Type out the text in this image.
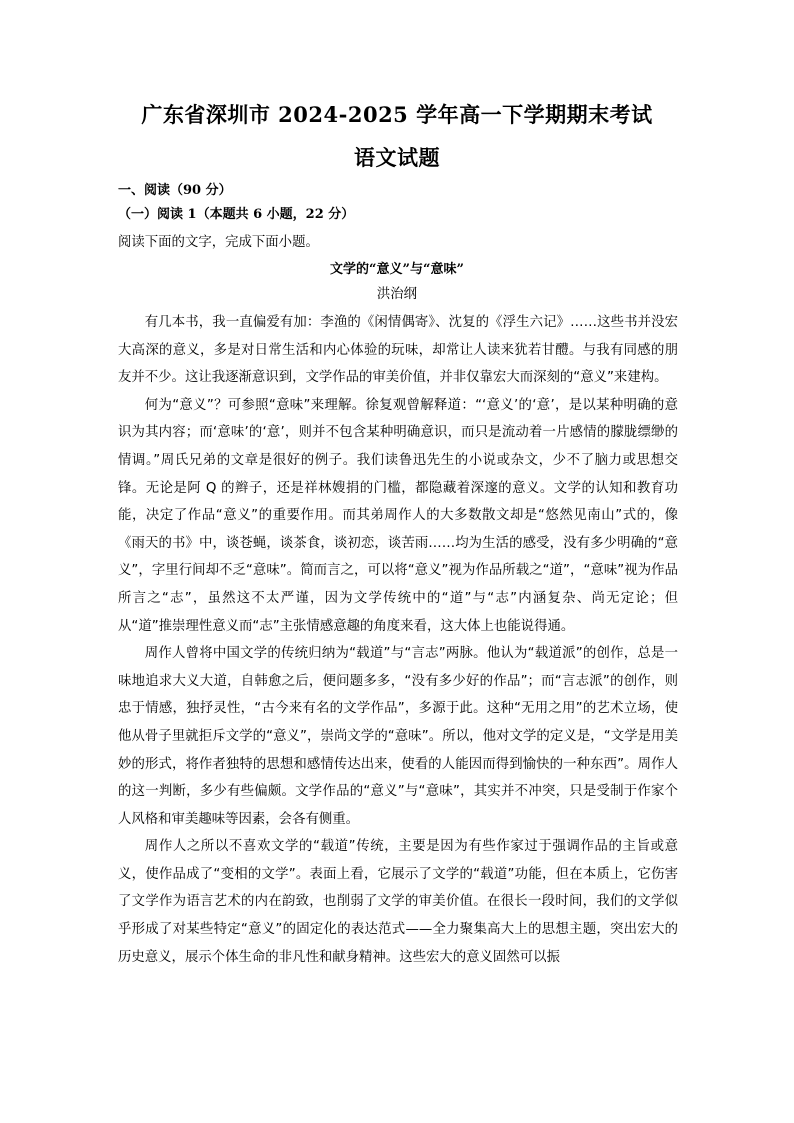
广东省深圳市 2024-2025 学年高一下学期期末考试
语文试题
一、阅读（90 分）
（一）阅读 1（本题共 6 小题，22 分）
阅读下面的文字，完成下面小题。
文学的“意义”与“意味”
洪治纲

有几本书，我一直偏爱有加：李渔的《闲情偶寄》、沈复的《浮生六记》……这些书并没宏大高深的意义，多是对日常生活和内心体验的玩味，却常让人读来犹若甘醴。与我有同感的朋友并不少。这让我逐渐意识到，文学作品的审美价值，并非仅靠宏大而深刻的“意义”来建构。

何为“意义”？可参照“意味”来理解。徐复观曾解释道：“‘意义’的‘意’，是以某种明确的意识为其内容；而‘意味’的‘意’，则并不包含某种明确意识，而只是流动着一片感情的朦胧缥缈的情调。”周氏兄弟的文章是很好的例子。我们读鲁迅先生的小说或杂文，少不了脑力或思想交锋。无论是阿 Q 的辫子，还是祥林嫂捐的门槛，都隐藏着深邃的意义。文学的认知和教育功能，决定了作品“意义”的重要作用。而其弟周作人的大多数散文却是“悠然见南山”式的，像《雨天的书》中，谈苍蝇，谈茶食，谈初恋，谈苦雨……均为生活的感受，没有多少明确的“意义”，字里行间却不乏“意味”。简而言之，可以将“意义”视为作品所载之“道”，“意味”视为作品所言之“志”，虽然这不太严谨，因为文学传统中的“道”与“志”内涵复杂、尚无定论；但从“道”推崇理性意义而“志”主张情感意趣的角度来看，这大体上也能说得通。

周作人曾将中国文学的传统归纳为“载道”与“言志”两脉。他认为“载道派”的创作，总是一味地追求大义大道，自韩愈之后，便问题多多，“没有多少好的作品”；而“言志派”的创作，则忠于情感，独抒灵性，“古今来有名的文学作品”，多源于此。这种“无用之用”的艺术立场，使他从骨子里就拒斥文学的“意义”，崇尚文学的“意味”。所以，他对文学的定义是，“文学是用美妙的形式，将作者独特的思想和感情传达出来，使看的人能因而得到愉快的一种东西”。周作人的这一判断，多少有些偏颇。文学作品的“意义”与“意味”，其实并不冲突，只是受制于作家个人风格和审美趣味等因素，会各有侧重。

周作人之所以不喜欢文学的“载道”传统，主要是因为有些作家过于强调作品的主旨或意义，使作品成了“变相的文学”。表面上看，它展示了文学的“载道”功能，但在本质上，它伤害了文学作为语言艺术的内在韵致，也削弱了文学的审美价值。在很长一段时间，我们的文学似乎形成了对某些特定“意义”的固定化的表达范式——全力聚集高大上的思想主题，突出宏大的历史意义，展示个体生命的非凡性和献身精神。这些宏大的意义固然可以振
